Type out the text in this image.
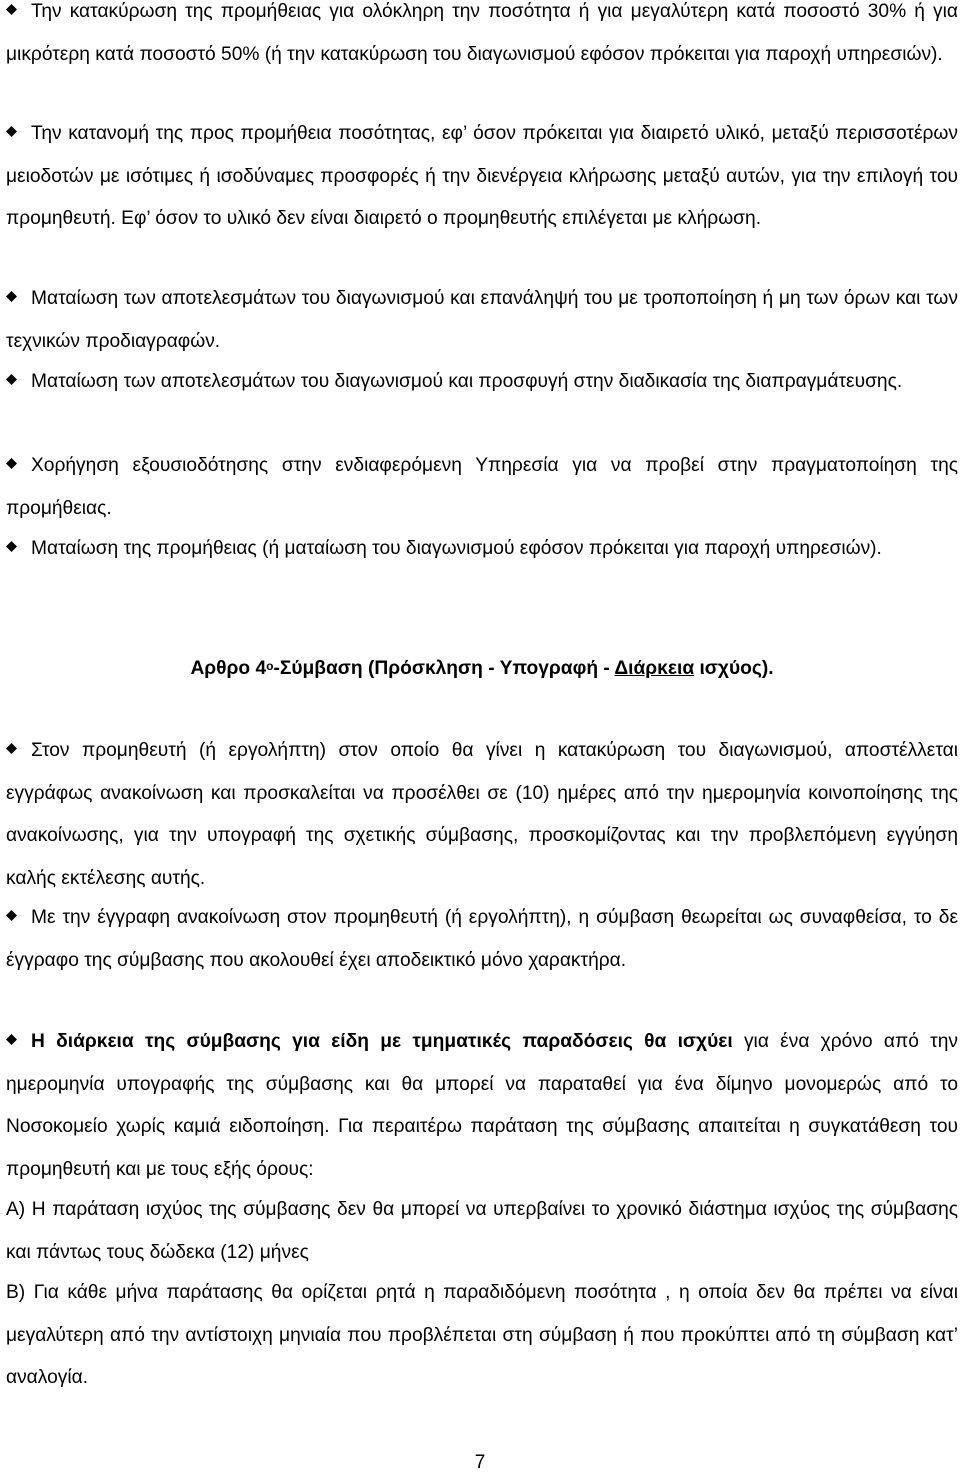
Την κατακύρωση της προμήθειας για ολόκληρη την ποσότητα ή για μεγαλύτερη κατά ποσοστό 30% ή για μικρότερη κατά ποσοστό 50% (ή την κατακύρωση του διαγωνισμού εφόσον πρόκειται για παροχή υπηρεσιών).

Την κατανομή της προς προμήθεια ποσότητας, εφ’ όσον πρόκειται για διαιρετό υλικό, μεταξύ περισσοτέρων μειοδοτών με ισότιμες ή ισοδύναμες προσφορές ή την διενέργεια κλήρωσης μεταξύ αυτών, για την επιλογή του προμηθευτή. Εφ’ όσον το υλικό δεν είναι διαιρετό ο προμηθευτής επιλέγεται με κλήρωση.

Ματαίωση των αποτελεσμάτων του διαγωνισμού και επανάληψή του με τροποποίηση ή μη των όρων και των τεχνικών προδιαγραφών.

Ματαίωση των αποτελεσμάτων του διαγωνισμού και προσφυγή στην διαδικασία της διαπραγμάτευσης.

Χορήγηση εξουσιοδότησης στην ενδιαφερόμενη Υπηρεσία για να προβεί στην πραγματοποίηση της προμήθειας.

Ματαίωση της προμήθειας (ή ματαίωση του διαγωνισμού εφόσον πρόκειται για παροχή υπηρεσιών).

Αρθρο $4^o$-Σύμβαση (Πρόσκληση - Υπογραφή - Διάρκεια ισχύος).

Στον προμηθευτή (ή εργολήπτη) στον οποίο θα γίνει η κατακύρωση του διαγωνισμού, αποστέλλεται εγγράφως ανακοίνωση και προσκαλείται να προσέλθει σε (10) ημέρες από την ημερομηνία κοινοποίησης της ανακοίνωσης, για την υπογραφή της σχετικής σύμβασης, προσκομίζοντας και την προβλεπόμενη εγγύηση καλής εκτέλεσης αυτής.

Με την έγγραφη ανακοίνωση στον προμηθευτή (ή εργολήπτη), η σύμβαση θεωρείται ως συναφθείσα, το δε έγγραφο της σύμβασης που ακολουθεί έχει αποδεικτικό μόνο χαρακτήρα.

Η διάρκεια της σύμβασης για είδη με τμηματικές παραδόσεις θα ισχύει για ένα χρόνο από την ημερομηνία υπογραφής της σύμβασης και θα μπορεί να παραταθεί για ένα δίμηνο μονομερώς από το Νοσοκομείο χωρίς καμιά ειδοποίηση. Για περαιτέρω παράταση της σύμβασης απαιτείται η συγκατάθεση του προμηθευτή και με τους εξής όρους:

Α) Η παράταση ισχύος της σύμβασης δεν θα μπορεί να υπερβαίνει το χρονικό διάστημα ισχύος της σύμβασης και πάντως τους δώδεκα (12) μήνες

Β) Για κάθε μήνα παράτασης θα ορίζεται ρητά η παραδιδόμενη ποσότητα , η οποία δεν θα πρέπει να είναι μεγαλύτερη από την αντίστοιχη μηνιαία που προβλέπεται στη σύμβαση ή που προκύπτει από τη σύμβαση κατ’ αναλογία.

7
